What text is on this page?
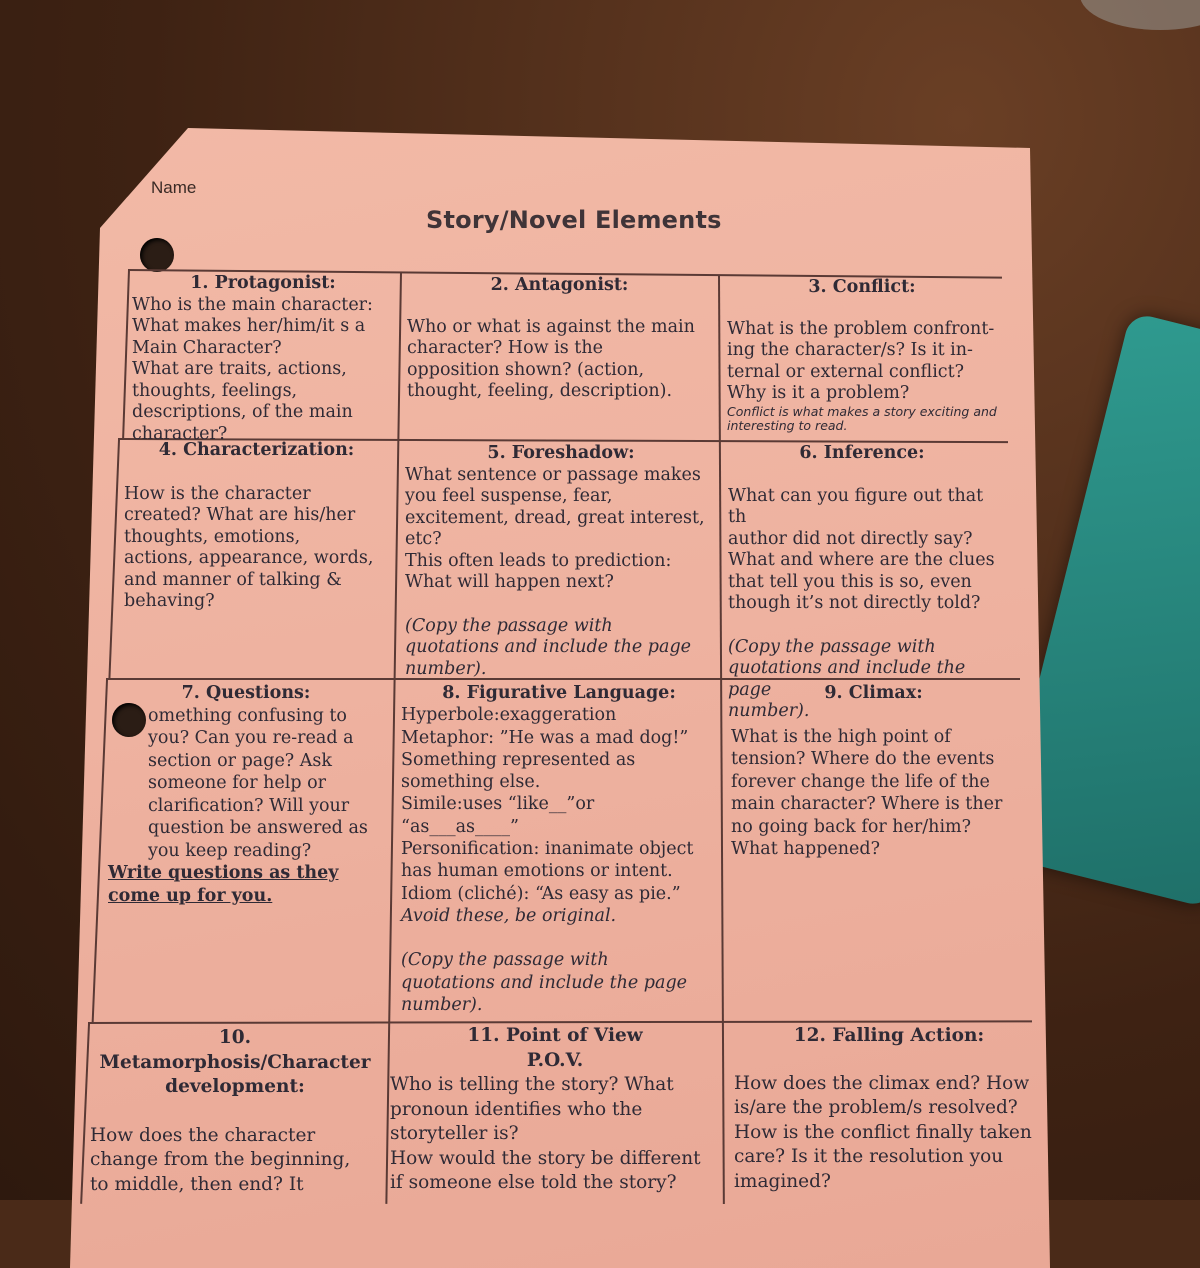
Name
Story/Novel Elements
1. Protagonist:
Who is the main character:
What makes her/him/it s a
Main Character?
What are traits, actions,
thoughts, feelings,
descriptions, of the main
character?
2. Antagonist:
Who or what is against the main
character? How is the
opposition shown? (action,
thought, feeling, description).
3. Conflict:
What is the problem confront-
ing the character/s? Is it in-
ternal or external conflict?
Why is it a problem?
Conflict is what makes a story exciting and interesting to read.
4. Characterization:
How is the character
created? What are his/her
thoughts, emotions,
actions, appearance, words,
and manner of talking &
behaving?
5. Foreshadow:
What sentence or passage makes
you feel suspense, fear,
excitement, dread, great interest,
etc?
This often leads to prediction:
What will happen next?
(Copy the passage with
quotations and include the page
number).
6. Inference:
What can you figure out that th
author did not directly say?
What and where are the clues
that tell you this is so, even
though it’s not directly told?
(Copy the passage with
quotations and include the page
number).
7. Questions:
omething confusing to
you? Can you re-read a
section or page? Ask
someone for help or
clarification? Will your
question be answered as
you keep reading?
Write questions as they come up for you.
8. Figurative Language:
Hyperbole:exaggeration
Metaphor: ”He was a mad dog!”
Something represented as
something else.
Simile:uses “like__”or
“as___as____”
Personification: inanimate object
has human emotions or intent.
Idiom (cliché): “As easy as pie.”
Avoid these, be original.
(Copy the passage with
quotations and include the page
number).
9. Climax:
What is the high point of
tension? Where do the events
forever change the life of the
main character? Where is ther
no going back for her/him?
What happened?
10.
Metamorphosis/Character
development:
How does the character
change from the beginning,
to middle, then end? It
11. Point of View
P.O.V.
Who is telling the story? What
pronoun identifies who the
storyteller is?
How would the story be different
if someone else told the story?
12. Falling Action:
How does the climax end? How
is/are the problem/s resolved?
How is the conflict finally taken
care? Is it the resolution you
imagined?
